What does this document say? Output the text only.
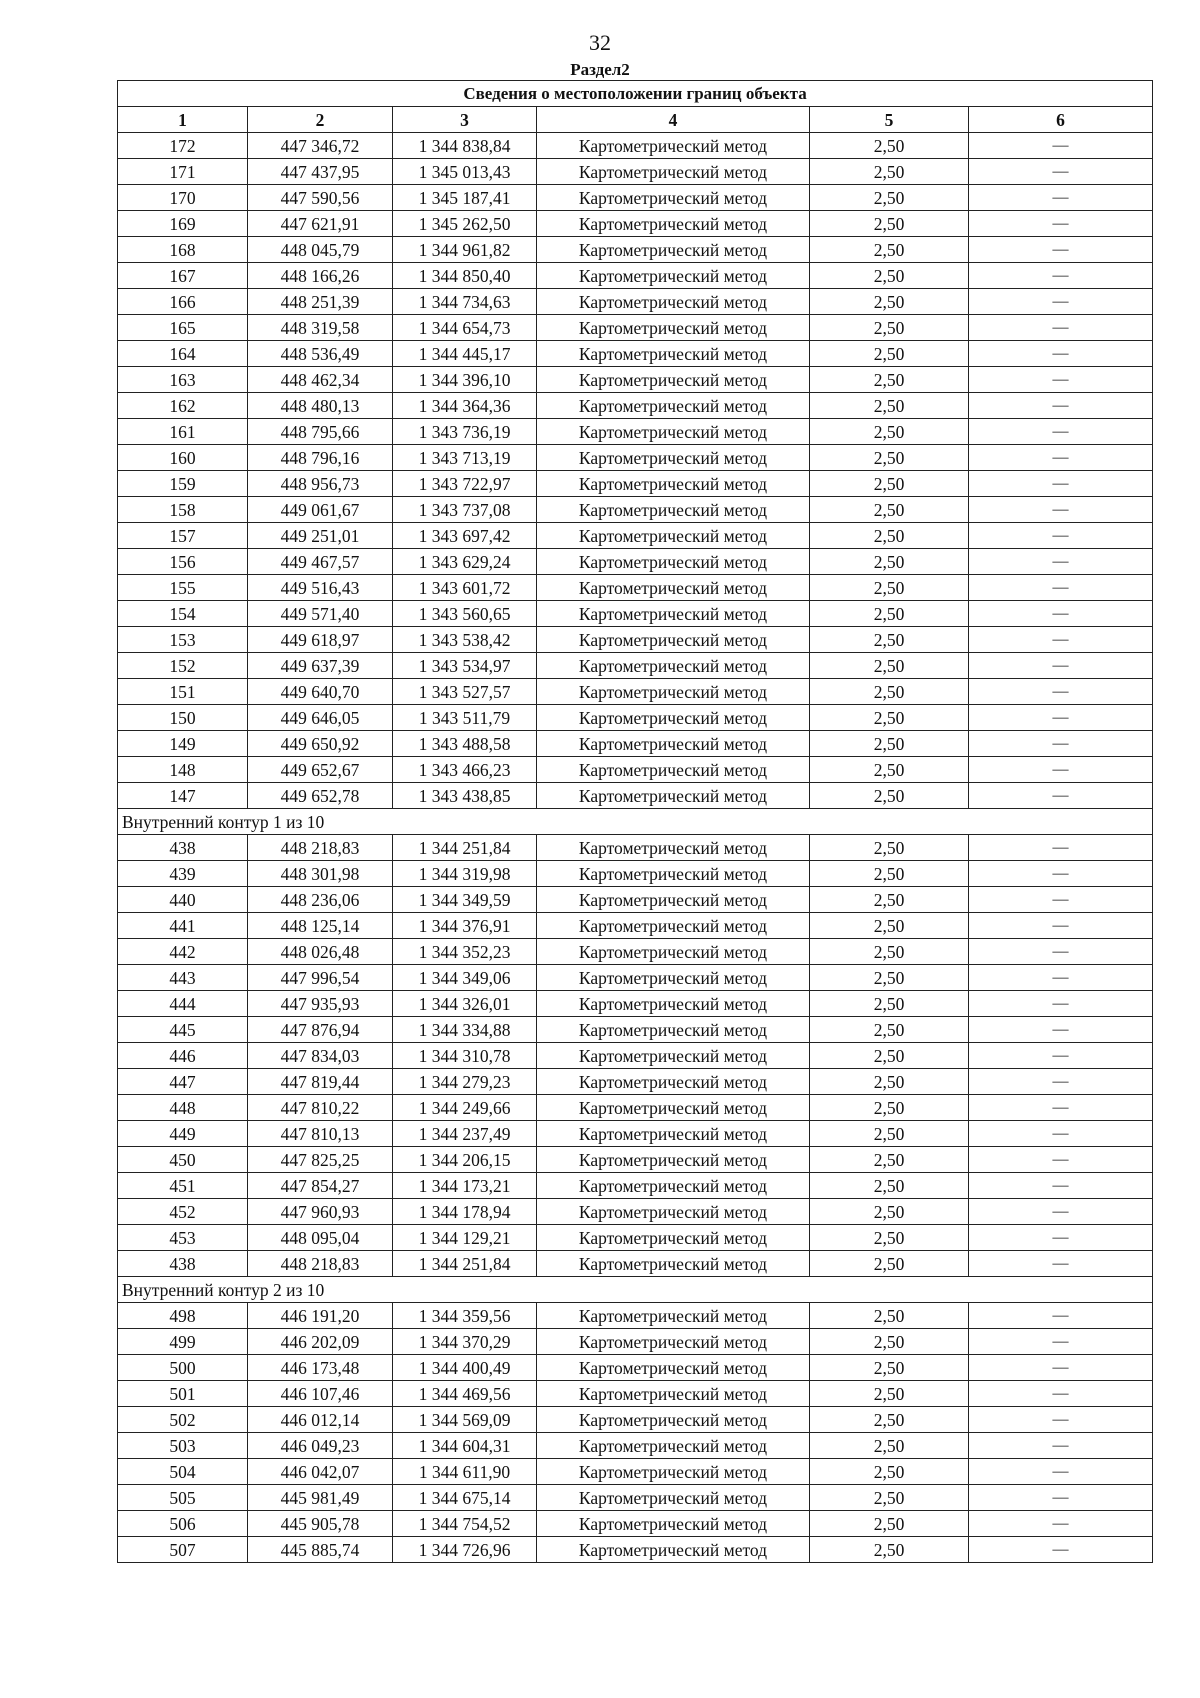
32
Раздел2
Сведения о местоположении границ объекта					
1	2	3	4	5	6
172	447 346,72	1 344 838,84	Картометрический метод	2,50	—
171	447 437,95	1 345 013,43	Картометрический метод	2,50	—
170	447 590,56	1 345 187,41	Картометрический метод	2,50	—
169	447 621,91	1 345 262,50	Картометрический метод	2,50	—
168	448 045,79	1 344 961,82	Картометрический метод	2,50	—
167	448 166,26	1 344 850,40	Картометрический метод	2,50	—
166	448 251,39	1 344 734,63	Картометрический метод	2,50	—
165	448 319,58	1 344 654,73	Картометрический метод	2,50	—
164	448 536,49	1 344 445,17	Картометрический метод	2,50	—
163	448 462,34	1 344 396,10	Картометрический метод	2,50	—
162	448 480,13	1 344 364,36	Картометрический метод	2,50	—
161	448 795,66	1 343 736,19	Картометрический метод	2,50	—
160	448 796,16	1 343 713,19	Картометрический метод	2,50	—
159	448 956,73	1 343 722,97	Картометрический метод	2,50	—
158	449 061,67	1 343 737,08	Картометрический метод	2,50	—
157	449 251,01	1 343 697,42	Картометрический метод	2,50	—
156	449 467,57	1 343 629,24	Картометрический метод	2,50	—
155	449 516,43	1 343 601,72	Картометрический метод	2,50	—
154	449 571,40	1 343 560,65	Картометрический метод	2,50	—
153	449 618,97	1 343 538,42	Картометрический метод	2,50	—
152	449 637,39	1 343 534,97	Картометрический метод	2,50	—
151	449 640,70	1 343 527,57	Картометрический метод	2,50	—
150	449 646,05	1 343 511,79	Картометрический метод	2,50	—
149	449 650,92	1 343 488,58	Картометрический метод	2,50	—
148	449 652,67	1 343 466,23	Картометрический метод	2,50	—
147	449 652,78	1 343 438,85	Картометрический метод	2,50	—
Внутренний контур 1 из 10					
438	448 218,83	1 344 251,84	Картометрический метод	2,50	—
439	448 301,98	1 344 319,98	Картометрический метод	2,50	—
440	448 236,06	1 344 349,59	Картометрический метод	2,50	—
441	448 125,14	1 344 376,91	Картометрический метод	2,50	—
442	448 026,48	1 344 352,23	Картометрический метод	2,50	—
443	447 996,54	1 344 349,06	Картометрический метод	2,50	—
444	447 935,93	1 344 326,01	Картометрический метод	2,50	—
445	447 876,94	1 344 334,88	Картометрический метод	2,50	—
446	447 834,03	1 344 310,78	Картометрический метод	2,50	—
447	447 819,44	1 344 279,23	Картометрический метод	2,50	—
448	447 810,22	1 344 249,66	Картометрический метод	2,50	—
449	447 810,13	1 344 237,49	Картометрический метод	2,50	—
450	447 825,25	1 344 206,15	Картометрический метод	2,50	—
451	447 854,27	1 344 173,21	Картометрический метод	2,50	—
452	447 960,93	1 344 178,94	Картометрический метод	2,50	—
453	448 095,04	1 344 129,21	Картометрический метод	2,50	—
438	448 218,83	1 344 251,84	Картометрический метод	2,50	—
Внутренний контур 2 из 10					
498	446 191,20	1 344 359,56	Картометрический метод	2,50	—
499	446 202,09	1 344 370,29	Картометрический метод	2,50	—
500	446 173,48	1 344 400,49	Картометрический метод	2,50	—
501	446 107,46	1 344 469,56	Картометрический метод	2,50	—
502	446 012,14	1 344 569,09	Картометрический метод	2,50	—
503	446 049,23	1 344 604,31	Картометрический метод	2,50	—
504	446 042,07	1 344 611,90	Картометрический метод	2,50	—
505	445 981,49	1 344 675,14	Картометрический метод	2,50	—
506	445 905,78	1 344 754,52	Картометрический метод	2,50	—
507	445 885,74	1 344 726,96	Картометрический метод	2,50	—
